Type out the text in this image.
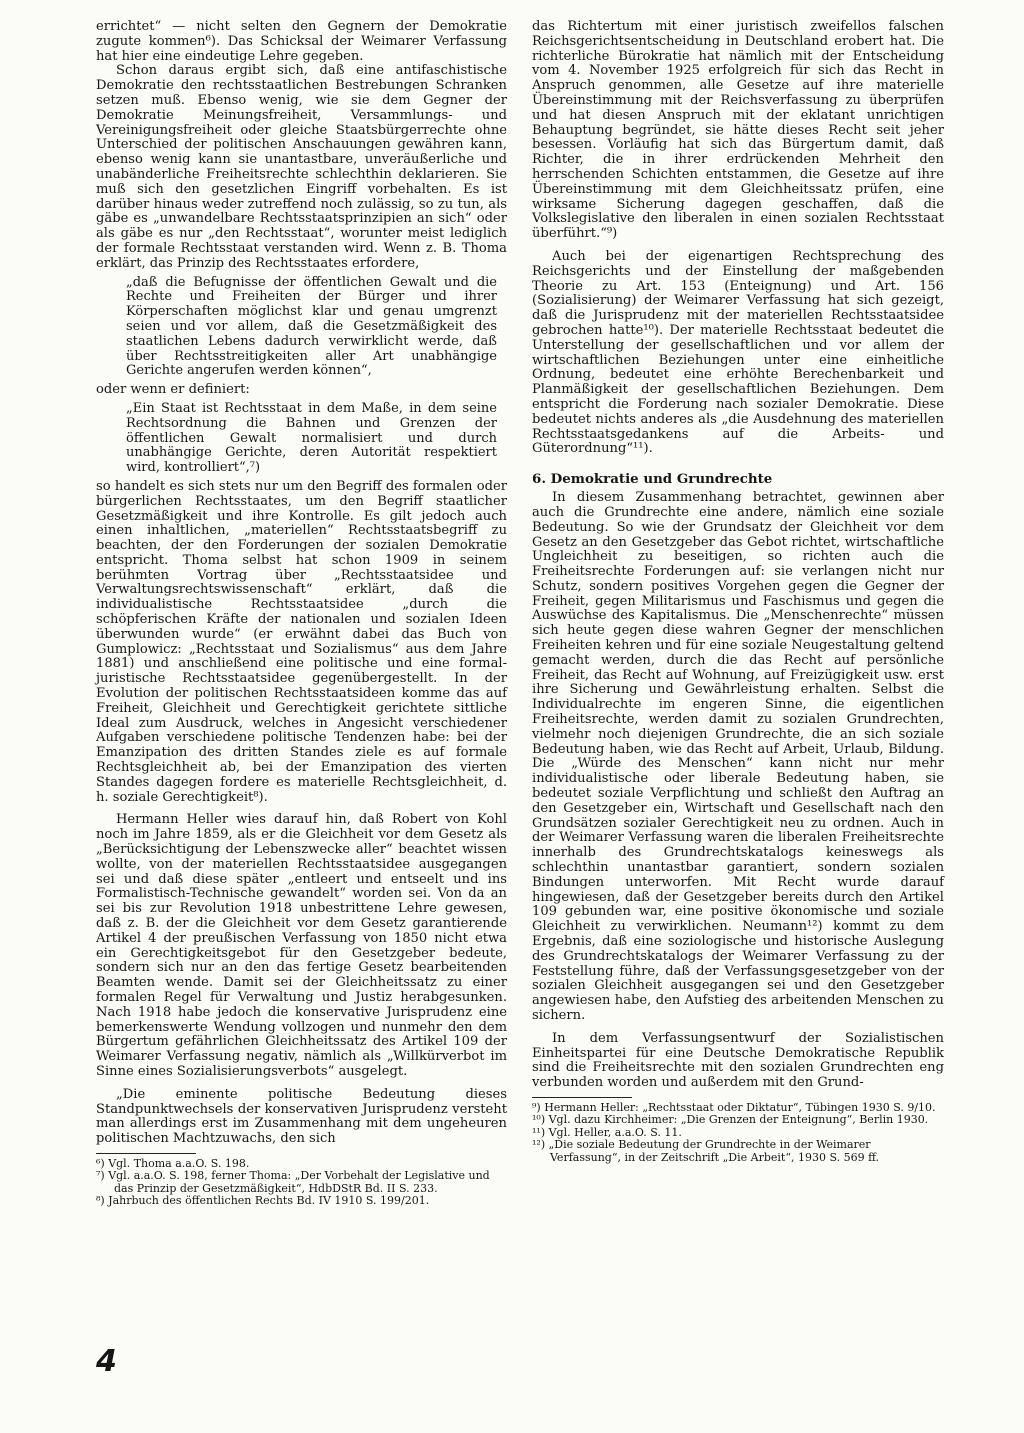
errichtet“ — nicht selten den Gegnern der Demokratie zugute kommen⁶). Das Schicksal der Weimarer Verfassung hat hier eine eindeutige Lehre gegeben.

Schon daraus ergibt sich, daß eine antifaschistische Demokratie den rechtsstaatlichen Bestrebungen Schranken setzen muß. Ebenso wenig, wie sie dem Gegner der Demokratie Meinungsfreiheit, Versammlungs- und Vereinigungsfreiheit oder gleiche Staatsbürgerrechte ohne Unterschied der politischen Anschauungen gewähren kann, ebenso wenig kann sie unantastbare, unveräußerliche und unabänderliche Freiheitsrechte schlechthin deklarieren. Sie muß sich den gesetzlichen Eingriff vorbehalten. Es ist darüber hinaus weder zutreffend noch zulässig, so zu tun, als gäbe es „unwandelbare Rechtsstaatsprinzipien an sich“ oder als gäbe es nur „den Rechtsstaat“, worunter meist lediglich der formale Rechtsstaat verstanden wird. Wenn z. B. Thoma erklärt, das Prinzip des Rechtsstaates erfordere,

„daß die Befugnisse der öffentlichen Gewalt und die Rechte und Freiheiten der Bürger und ihrer Körperschaften möglichst klar und genau umgrenzt seien und vor allem, daß die Gesetzmäßigkeit des staatlichen Lebens dadurch verwirklicht werde, daß über Rechtsstreitigkeiten aller Art unabhängige Gerichte angerufen werden können“,

oder wenn er definiert:

„Ein Staat ist Rechtsstaat in dem Maße, in dem seine Rechtsordnung die Bahnen und Grenzen der öffentlichen Gewalt normalisiert und durch unabhängige Gerichte, deren Autorität respektiert wird, kontrolliert“,⁷)

so handelt es sich stets nur um den Begriff des formalen oder bürgerlichen Rechtsstaates, um den Begriff staatlicher Gesetzmäßigkeit und ihre Kontrolle. Es gilt jedoch auch einen inhaltlichen, „materiellen“ Rechtsstaatsbegriff zu beachten, der den Forderungen der sozialen Demokratie entspricht. Thoma selbst hat schon 1909 in seinem berühmten Vortrag über „Rechtsstaatsidee und Verwaltungsrechtswissenschaft“ erklärt, daß die individualistische Rechtsstaatsidee „durch die schöpferischen Kräfte der nationalen und sozialen Ideen überwunden wurde“ (er erwähnt dabei das Buch von Gumplowicz: „Rechtsstaat und Sozialismus“ aus dem Jahre 1881) und anschließend eine politische und eine formal-juristische Rechtsstaatsidee gegenübergestellt. In der Evolution der politischen Rechtsstaatsideen komme das auf Freiheit, Gleichheit und Gerechtigkeit gerichtete sittliche Ideal zum Ausdruck, welches in Angesicht verschiedener Aufgaben verschiedene politische Tendenzen habe: bei der Emanzipation des dritten Standes ziele es auf formale Rechtsgleichheit ab, bei der Emanzipation des vierten Standes dagegen fordere es materielle Rechtsgleichheit, d. h. soziale Gerechtigkeit⁸).

Hermann Heller wies darauf hin, daß Robert von Kohl noch im Jahre 1859, als er die Gleichheit vor dem Gesetz als „Berücksichtigung der Lebenszwecke aller“ beachtet wissen wollte, von der materiellen Rechtsstaatsidee ausgegangen sei und daß diese später „entleert und entseelt und ins Formalistisch-Technische gewandelt“ worden sei. Von da an sei bis zur Revolution 1918 unbestrittene Lehre gewesen, daß z. B. der die Gleichheit vor dem Gesetz garantierende Artikel 4 der preußischen Verfassung von 1850 nicht etwa ein Gerechtigkeitsgebot für den Gesetzgeber bedeute, sondern sich nur an den das fertige Gesetz bearbeitenden Beamten wende. Damit sei der Gleichheitssatz zu einer formalen Regel für Verwaltung und Justiz herabgesunken. Nach 1918 habe jedoch die konservative Jurisprudenz eine bemerkenswerte Wendung vollzogen und nunmehr den dem Bürgertum gefährlichen Gleichheitssatz des Artikel 109 der Weimarer Verfassung negativ, nämlich als „Willkürverbot im Sinne eines Sozialisierungsverbots“ ausgelegt.

„Die eminente politische Bedeutung dieses Standpunktwechsels der konservativen Jurisprudenz versteht man allerdings erst im Zusammenhang mit dem ungeheuren politischen Machtzuwachs, den sich

⁶) Vgl. Thoma a.a.O. S. 198.

⁷) Vgl. a.a.O. S. 198, ferner Thoma: „Der Vorbehalt der Legislative und das Prinzip der Gesetzmäßigkeit“, HdbDStR Bd. II S. 233.

⁸) Jahrbuch des öffentlichen Rechts Bd. IV 1910 S. 199/201.

das Richtertum mit einer juristisch zweifellos falschen Reichsgerichtsentscheidung in Deutschland erobert hat. Die richterliche Bürokratie hat nämlich mit der Entscheidung vom 4. November 1925 erfolgreich für sich das Recht in Anspruch genommen, alle Gesetze auf ihre materielle Übereinstimmung mit der Reichsverfassung zu überprüfen und hat diesen Anspruch mit der eklatant unrichtigen Behauptung begründet, sie hätte dieses Recht seit jeher besessen. Vorläufig hat sich das Bürgertum damit, daß Richter, die in ihrer erdrückenden Mehrheit den herrschenden Schichten entstammen, die Gesetze auf ihre Übereinstimmung mit dem Gleichheitssatz prüfen, eine wirksame Sicherung dagegen geschaffen, daß die Volkslegislative den liberalen in einen sozialen Rechtsstaat überführt.“⁹)

Auch bei der eigenartigen Rechtsprechung des Reichsgerichts und der Einstellung der maßgebenden Theorie zu Art. 153 (Enteignung) und Art. 156 (Sozialisierung) der Weimarer Verfassung hat sich gezeigt, daß die Jurisprudenz mit der materiellen Rechtsstaatsidee gebrochen hatte¹⁰). Der materielle Rechtsstaat bedeutet die Unterstellung der gesellschaftlichen und vor allem der wirtschaftlichen Beziehungen unter eine einheitliche Ordnung, bedeutet eine erhöhte Berechenbarkeit und Planmäßigkeit der gesellschaftlichen Beziehungen. Dem entspricht die Forderung nach sozialer Demokratie. Diese bedeutet nichts anderes als „die Ausdehnung des materiellen Rechtsstaatsgedankens auf die Arbeits- und Güterordnung“¹¹).

6. Demokratie und Grundrechte

In diesem Zusammenhang betrachtet, gewinnen aber auch die Grundrechte eine andere, nämlich eine soziale Bedeutung. So wie der Grundsatz der Gleichheit vor dem Gesetz an den Gesetzgeber das Gebot richtet, wirtschaftliche Ungleichheit zu beseitigen, so richten auch die Freiheitsrechte Forderungen auf: sie verlangen nicht nur Schutz, sondern positives Vorgehen gegen die Gegner der Freiheit, gegen Militarismus und Faschismus und gegen die Auswüchse des Kapitalismus. Die „Menschenrechte“ müssen sich heute gegen diese wahren Gegner der menschlichen Freiheiten kehren und für eine soziale Neugestaltung geltend gemacht werden, durch die das Recht auf persönliche Freiheit, das Recht auf Wohnung, auf Freizügigkeit usw. erst ihre Sicherung und Gewährleistung erhalten. Selbst die Individualrechte im engeren Sinne, die eigentlichen Freiheitsrechte, werden damit zu sozialen Grundrechten, vielmehr noch diejenigen Grundrechte, die an sich soziale Bedeutung haben, wie das Recht auf Arbeit, Urlaub, Bildung. Die „Würde des Menschen“ kann nicht nur mehr individualistische oder liberale Bedeutung haben, sie bedeutet soziale Verpflichtung und schließt den Auftrag an den Gesetzgeber ein, Wirtschaft und Gesellschaft nach den Grundsätzen sozialer Gerechtigkeit neu zu ordnen. Auch in der Weimarer Verfassung waren die liberalen Freiheitsrechte innerhalb des Grundrechtskatalogs keineswegs als schlechthin unantastbar garantiert, sondern sozialen Bindungen unterworfen. Mit Recht wurde darauf hingewiesen, daß der Gesetzgeber bereits durch den Artikel 109 gebunden war, eine positive ökonomische und soziale Gleichheit zu verwirklichen. Neumann¹²) kommt zu dem Ergebnis, daß eine soziologische und historische Auslegung des Grundrechtskatalogs der Weimarer Verfassung zu der Feststellung führe, daß der Verfassungsgesetzgeber von der sozialen Gleichheit ausgegangen sei und den Gesetzgeber angewiesen habe, den Aufstieg des arbeitenden Menschen zu sichern.

In dem Verfassungsentwurf der Sozialistischen Einheitspartei für eine Deutsche Demokratische Republik sind die Freiheitsrechte mit den sozialen Grundrechten eng verbunden worden und außerdem mit den Grund-

⁹) Hermann Heller: „Rechtsstaat oder Diktatur“, Tübingen 1930 S. 9/10.

¹⁰) Vgl. dazu Kirchheimer: „Die Grenzen der Enteignung“, Berlin 1930.

¹¹) Vgl. Heller, a.a.O. S. 11.

¹²) „Die soziale Bedeutung der Grundrechte in der Weimarer Verfassung“, in der Zeitschrift „Die Arbeit“, 1930 S. 569 ff.

4
